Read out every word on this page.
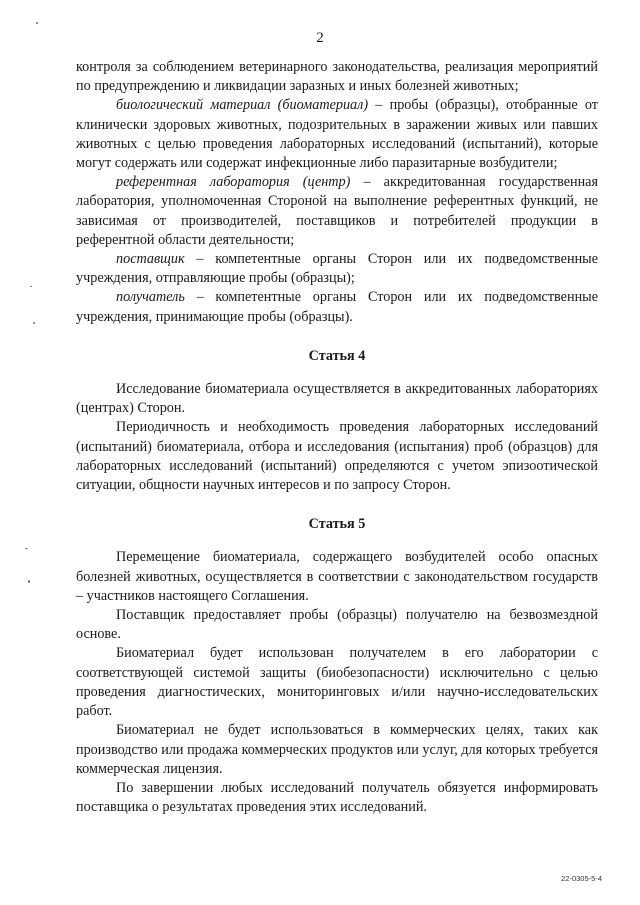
2

контроля за соблюдением ветеринарного законодательства, реализация мероприятий по предупреждению и ликвидации заразных и иных болезней животных;

биологический материал (биоматериал) – пробы (образцы), отобранные от клинически здоровых животных, подозрительных в заражении живых или павших животных с целью проведения лабораторных исследований (испытаний), которые могут содержать или содержат инфекционные либо паразитарные возбудители;

референтная лаборатория (центр) – аккредитованная государственная лаборатория, уполномоченная Стороной на выполнение референтных функций, не зависимая от производителей, поставщиков и потребителей продукции в референтной области деятельности;

поставщик – компетентные органы Сторон или их подведомственные учреждения, отправляющие пробы (образцы);

получатель – компетентные органы Сторон или их подведомственные учреждения, принимающие пробы (образцы).

Статья 4

Исследование биоматериала осуществляется в аккредитованных лабораториях (центрах) Сторон.

Периодичность и необходимость проведения лабораторных исследований (испытаний) биоматериала, отбора и исследования (испытания) проб (образцов) для лабораторных исследований (испытаний) определяются с учетом эпизоотической ситуации, общности научных интересов и по запросу Сторон.

Статья 5

Перемещение биоматериала, содержащего возбудителей особо опасных болезней животных, осуществляется в соответствии с законодательством государств – участников настоящего Соглашения.

Поставщик предоставляет пробы (образцы) получателю на безвозмездной основе.

Биоматериал будет использован получателем в его лаборатории с соответствующей системой защиты (биобезопасности) исключительно с целью проведения диагностических, мониторинговых и/или научно-исследовательских работ.

Биоматериал не будет использоваться в коммерческих целях, таких как производство или продажа коммерческих продуктов или услуг, для которых требуется коммерческая лицензия.

По завершении любых исследований получатель обязуется информировать поставщика о результатах проведения этих исследований.

22-0305-5-4
